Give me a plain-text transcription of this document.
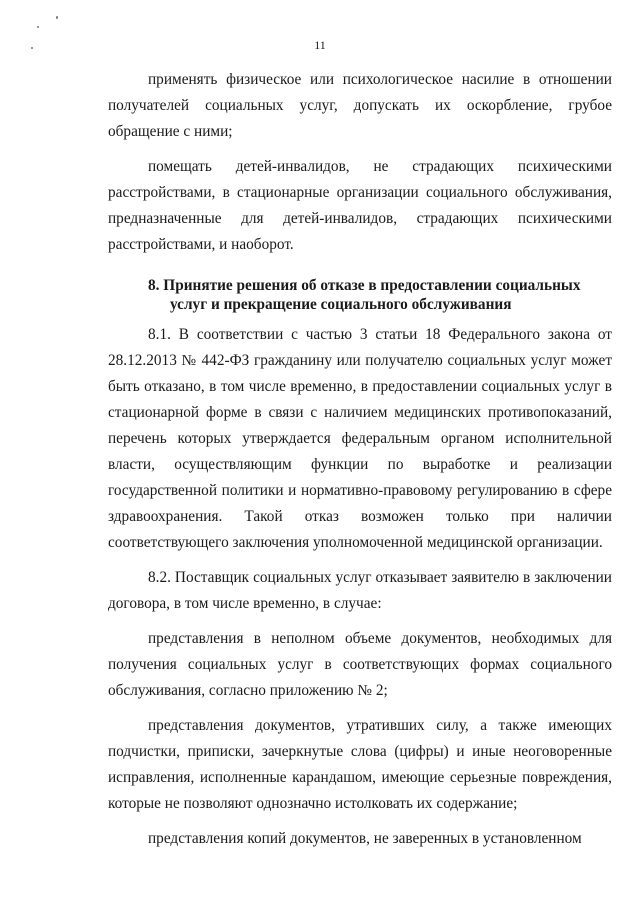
11

применять физическое или психологическое насилие в отношении получателей социальных услуг, допускать их оскорбление, грубое обращение с ними;

помещать детей-инвалидов, не страдающих психическими расстройствами, в стационарные организации социального обслуживания, предназначенные для детей-инвалидов, страдающих психическими расстройствами, и наоборот.

8. Принятие решения об отказе в предоставлении социальных
услуг и прекращение социального обслуживания

8.1. В соответствии с частью 3 статьи 18 Федерального закона от 28.12.2013 № 442-ФЗ гражданину или получателю социальных услуг может быть отказано, в том числе временно, в предоставлении социальных услуг в стационарной форме в связи с наличием медицинских противопоказаний, перечень которых утверждается федеральным органом исполнительной власти, осуществляющим функции по выработке и реализации государственной политики и нормативно-правовому регулированию в сфере здравоохранения. Такой отказ возможен только при наличии соответствующего заключения уполномоченной медицинской организации.

8.2. Поставщик социальных услуг отказывает заявителю в заключении договора, в том числе временно, в случае:

представления в неполном объеме документов, необходимых для получения социальных услуг в соответствующих формах социального обслуживания, согласно приложению № 2;

представления документов, утративших силу, а также имеющих подчистки, приписки, зачеркнутые слова (цифры) и иные неоговоренные исправления, исполненные карандашом, имеющие серьезные повреждения, которые не позволяют однозначно истолковать их содержание;

представления копий документов, не заверенных в установленном
